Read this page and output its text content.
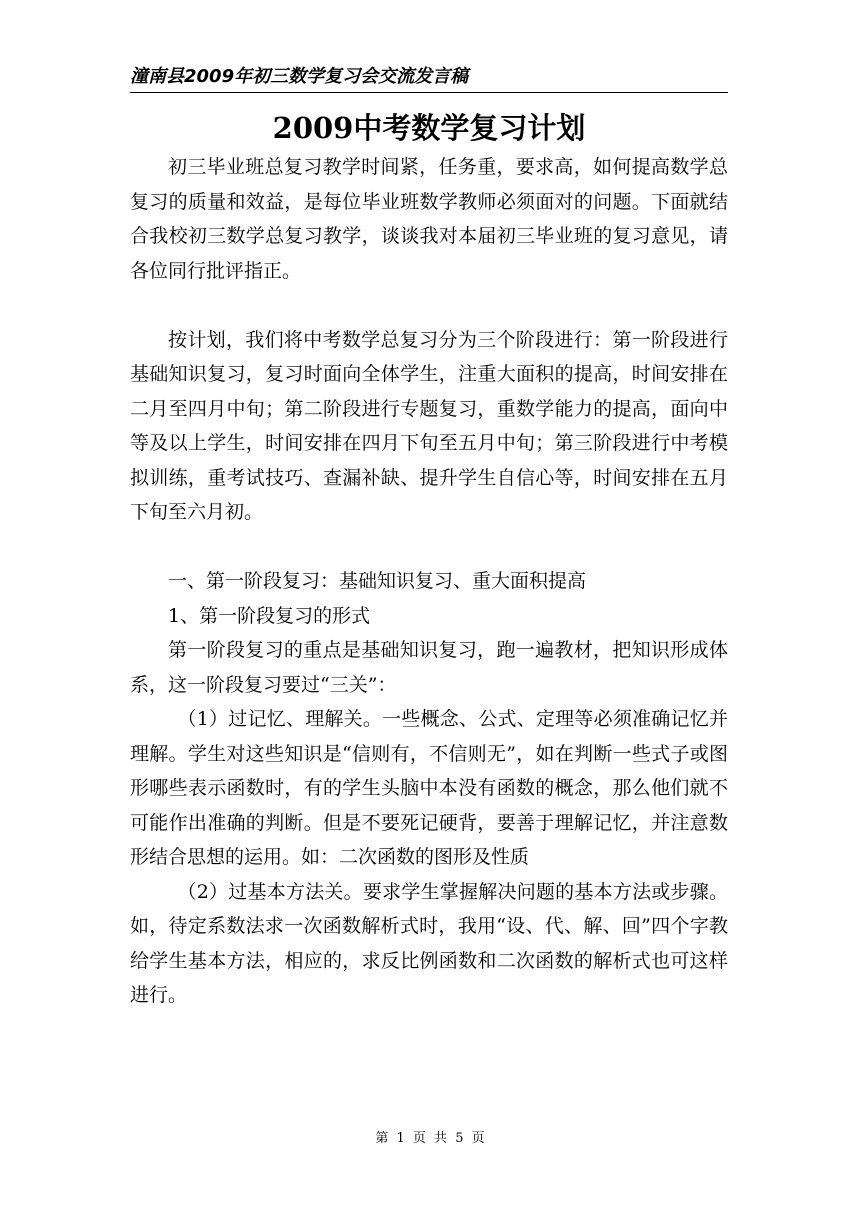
潼南县2009年初三数学复习会交流发言稿
2009中考数学复习计划

初三毕业班总复习教学时间紧，任务重，要求高，如何提高数学总复习的质量和效益，是每位毕业班数学教师必须面对的问题。下面就结合我校初三数学总复习教学，谈谈我对本届初三毕业班的复习意见，请各位同行批评指正。

按计划，我们将中考数学总复习分为三个阶段进行：第一阶段进行基础知识复习，复习时面向全体学生，注重大面积的提高，时间安排在二月至四月中旬；第二阶段进行专题复习，重数学能力的提高，面向中等及以上学生，时间安排在四月下旬至五月中旬；第三阶段进行中考模拟训练，重考试技巧、查漏补缺、提升学生自信心等，时间安排在五月下旬至六月初。

一、第一阶段复习：基础知识复习、重大面积提高

1、第一阶段复习的形式

第一阶段复习的重点是基础知识复习，跑一遍教材，把知识形成体系，这一阶段复习要过“三关”：

（1）过记忆、理解关。一些概念、公式、定理等必须准确记忆并理解。学生对这些知识是“信则有，不信则无”，如在判断一些式子或图形哪些表示函数时，有的学生头脑中本没有函数的概念，那么他们就不可能作出准确的判断。但是不要死记硬背，要善于理解记忆，并注意数形结合思想的运用。如：二次函数的图形及性质

（2）过基本方法关。要求学生掌握解决问题的基本方法或步骤。如，待定系数法求一次函数解析式时，我用“设、代、解、回”四个字教给学生基本方法，相应的，求反比例函数和二次函数的解析式也可这样进行。

第 1 页 共 5 页
